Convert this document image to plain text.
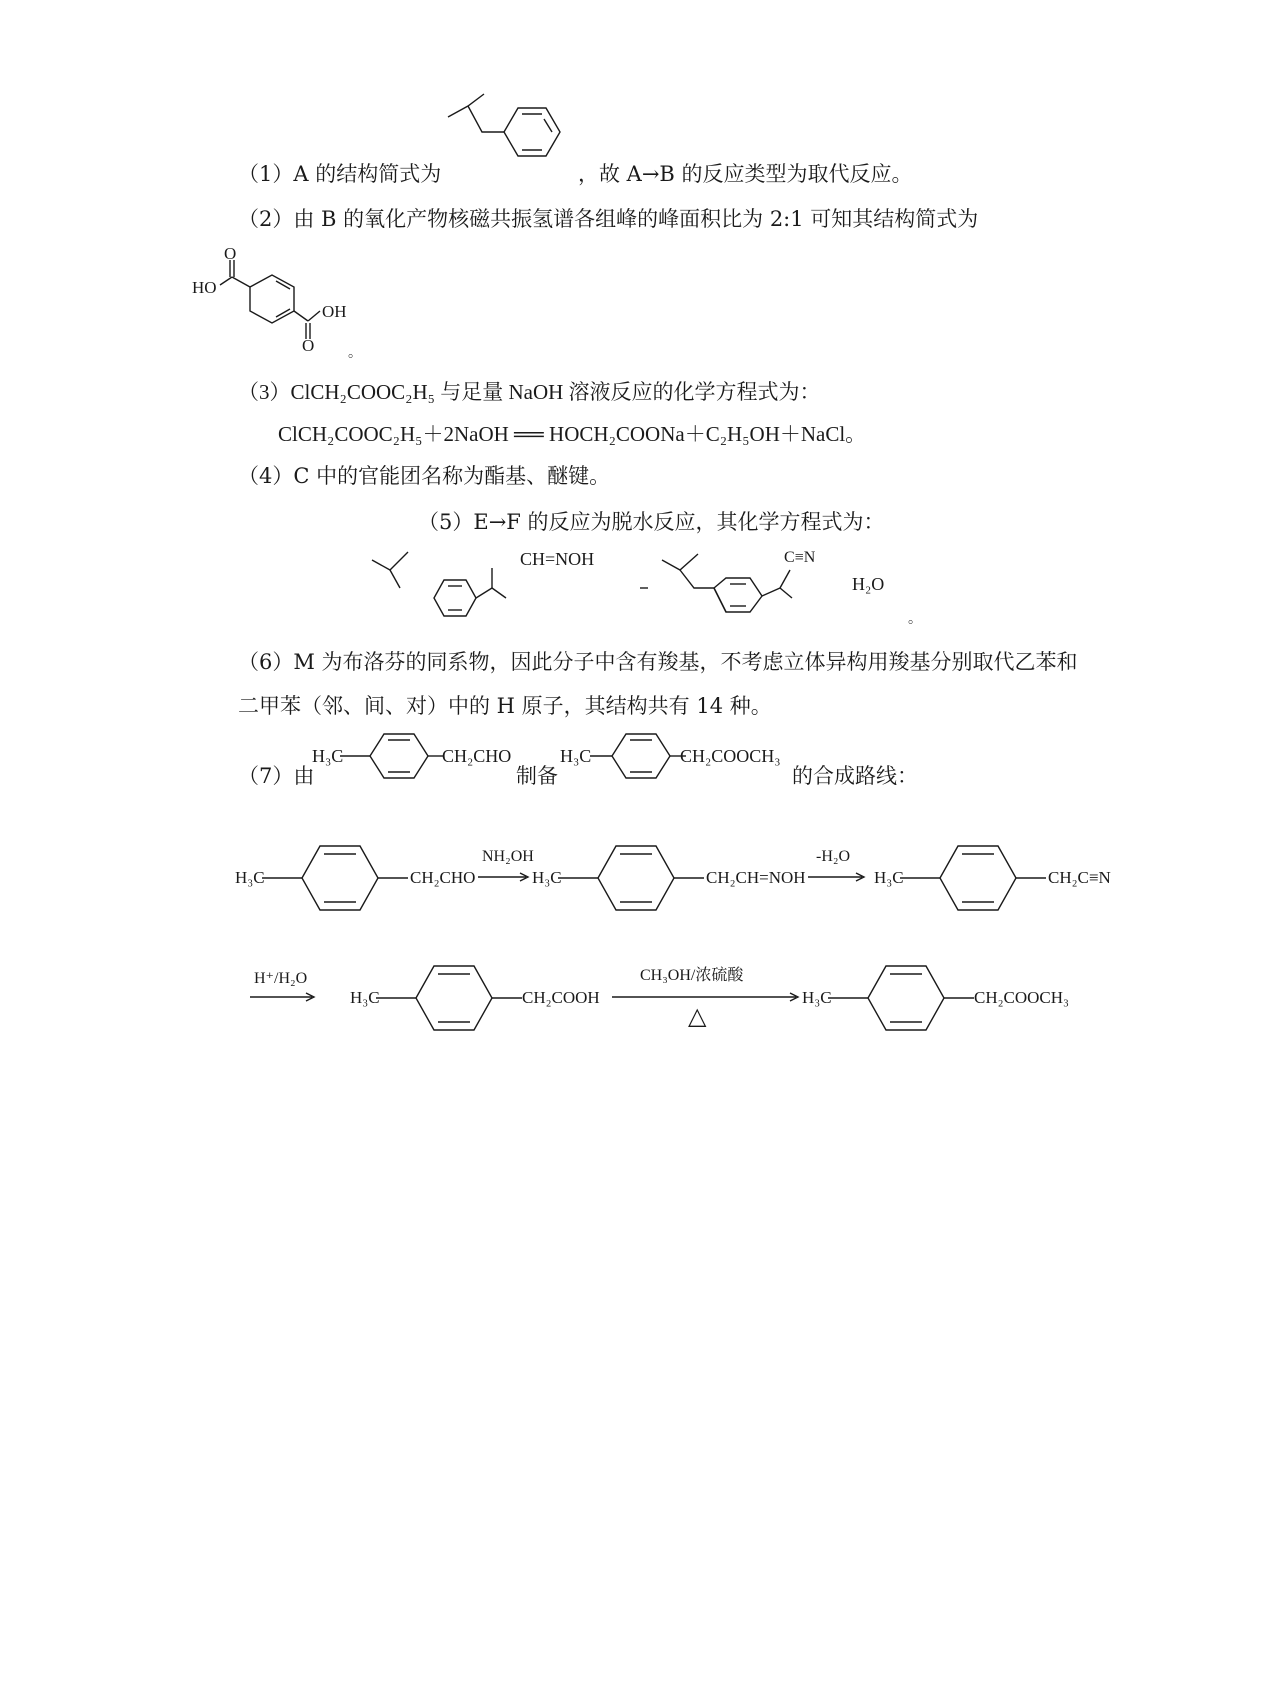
（1）A 的结构简式为	，故 A→B 的反应类型为取代反应。
（2）由 B 的氧化产物核磁共振氢谱各组峰的峰面积比为 2:1 可知其结构简式为
O
HO
OH
O 。
（3）ClCH₂COOC₂H₅ 与足量 NaOH 溶液反应的化学方程式为：
ClCH₂COOC₂H₅＋2NaOH ══ HOCH₂COONa＋C₂H₅OH＋NaCl。
（4）C 中的官能团名称为酯基、醚键。
（5）E→F 的反应为脱水反应，其化学方程式为：
CH=NOH	C≡N
H₂O
。
（6）M 为布洛芬的同系物，因此分子中含有羧基，不考虑立体异构用羧基分别取代乙苯和
二甲苯（邻、间、对）中的 H 原子，其结构共有 14 种。
（7）由
H₃C	CH₂CHO
制备
H₃C	CH₂COOCH₃
的合成路线：
H₃C	CH₂CHO
NH₂OH
H₃C	CH₂CH=NOH
-H₂O
H₃C	CH₂C≡N
H⁺/H₂O
H₃C	CH₂COOH
CH₃OH/浓硫酸
△
H₃C	CH₂COOCH₃
